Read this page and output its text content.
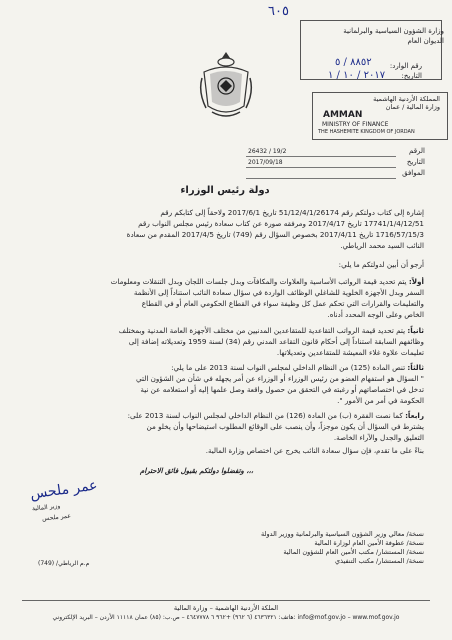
٦٠٥
وزارة الشؤون السياسية والبرلمانية
الديوان العام
رقم الوارد:
التاريخ:
٨٨٥٢ / ٥
٢٠١٧ / ١٠ / ١
المملكة الأردنية الهاشمية
وزارة المالية / عمان
AMMAN
MINISTRY OF FINANCE
THE HASHEMITE KINGDOM OF JORDAN
26432 / 19/2
2017/09/18
الرقم
التاريخ
الموافق
دولة رئيس الوزراء
إشارة إلى كتاب دولتكم رقم 51/12/4/1/26174 تاريخ 2017/6/1 ولاحقاً إلى كتابكم رقم
17741/1/4/12/51 تاريخ 2017/4/17 ومرفقه صورة عن كتاب سعادة رئيس مجلس النواب رقم
1716/57/15/3 تاريخ 2017/4/11 بخصوص السؤال رقم (749) تاريخ 2017/4/5 المقدم من سعادة
النائب السيد محمد الرياطي.
أرجو أن أبين لدولتكم ما يلي:
أولاً: يتم تحديد قيمة الرواتب الأساسية والعلاوات والمكافآت وبدل جلسات اللجان وبدل التنقلات ومعلومات
السفر وبدل الأجهزة الخلوية للشاغلي الوظائف الواردة في سؤال سعادة النائب استناداً إلى الأنظمة
والتعليمات والقرارات التي تحكم عمل كل وظيفة سواء في القطاع الحكومي العام أو في القطاع
الخاص وعلى الوجه المحدد أدناه.
ثانياً: يتم تحديد قيمة الرواتب التقاعدية للمتقاعدين المدنيين من مختلف الأجهزة العامة المدنية وبمختلف
وظائفهم السابقة استناداً إلى أحكام قانون التقاعد المدني رقم (34) لسنة 1959 وتعديلاته إضافة إلى
تعليمات علاوة غلاء المعيشة للمتقاعدين وتعديلاتها.
ثالثاً: تنص المادة (125) من النظام الداخلي لمجلس النواب لسنة 2013 على ما يلي:
" السؤال هو استفهام العضو من رئيس الوزراء أو الوزراء عن أمر يجهله في شأن من الشؤون التي
تدخل في اختصاصاتهم أو رغبته في التحقق من حصول واقعة وصل علمها إليه أو استعلامه عن نية
الحكومة في أمر من الأمور ".
رابعاً: كما نصت الفقرة (ب) من المادة (126) من النظام الداخلي لمجلس النواب لسنة 2013 على:
يشترط في السؤال أن يكون موجزاً، وأن ينصب على الوقائع المطلوب استيضاحها وأن يخلو من
التعليق والجدل والآراء الخاصة.
بناءً على ما تقدم، فإن سؤال سعادة النائب يخرج عن اختصاص وزارة المالية.
وتفضلوا دولتكم بقبول فائق الاحترام ،،،
عمر ملحس
وزير المالية
عمر ملحس
نسخة/ معالي وزير الشؤون السياسية والبرلمانية ووزير الدولة
نسخة/ عطوفة الأمين العام لوزارة المالية
نسخة/ المستشار/ مكتب الأمين العام للشؤون المالية
نسخة/ المستشار/ مكتب التنفيذي
م.م الرياطي/ (749)
الملكة الأردنية الهاشمية – وزارة المالية
هاتف: ٤٦٣٦٣٢١ (٦ ٩٦٢) +٩٦٢ ٦ ٤٦٤٧٧٧٨ – ص.ب: (٨٥) عمان ١١١١٨ الأردن – البريد الإلكتروني: info@mof.gov.jo – www.mof.gov.jo
